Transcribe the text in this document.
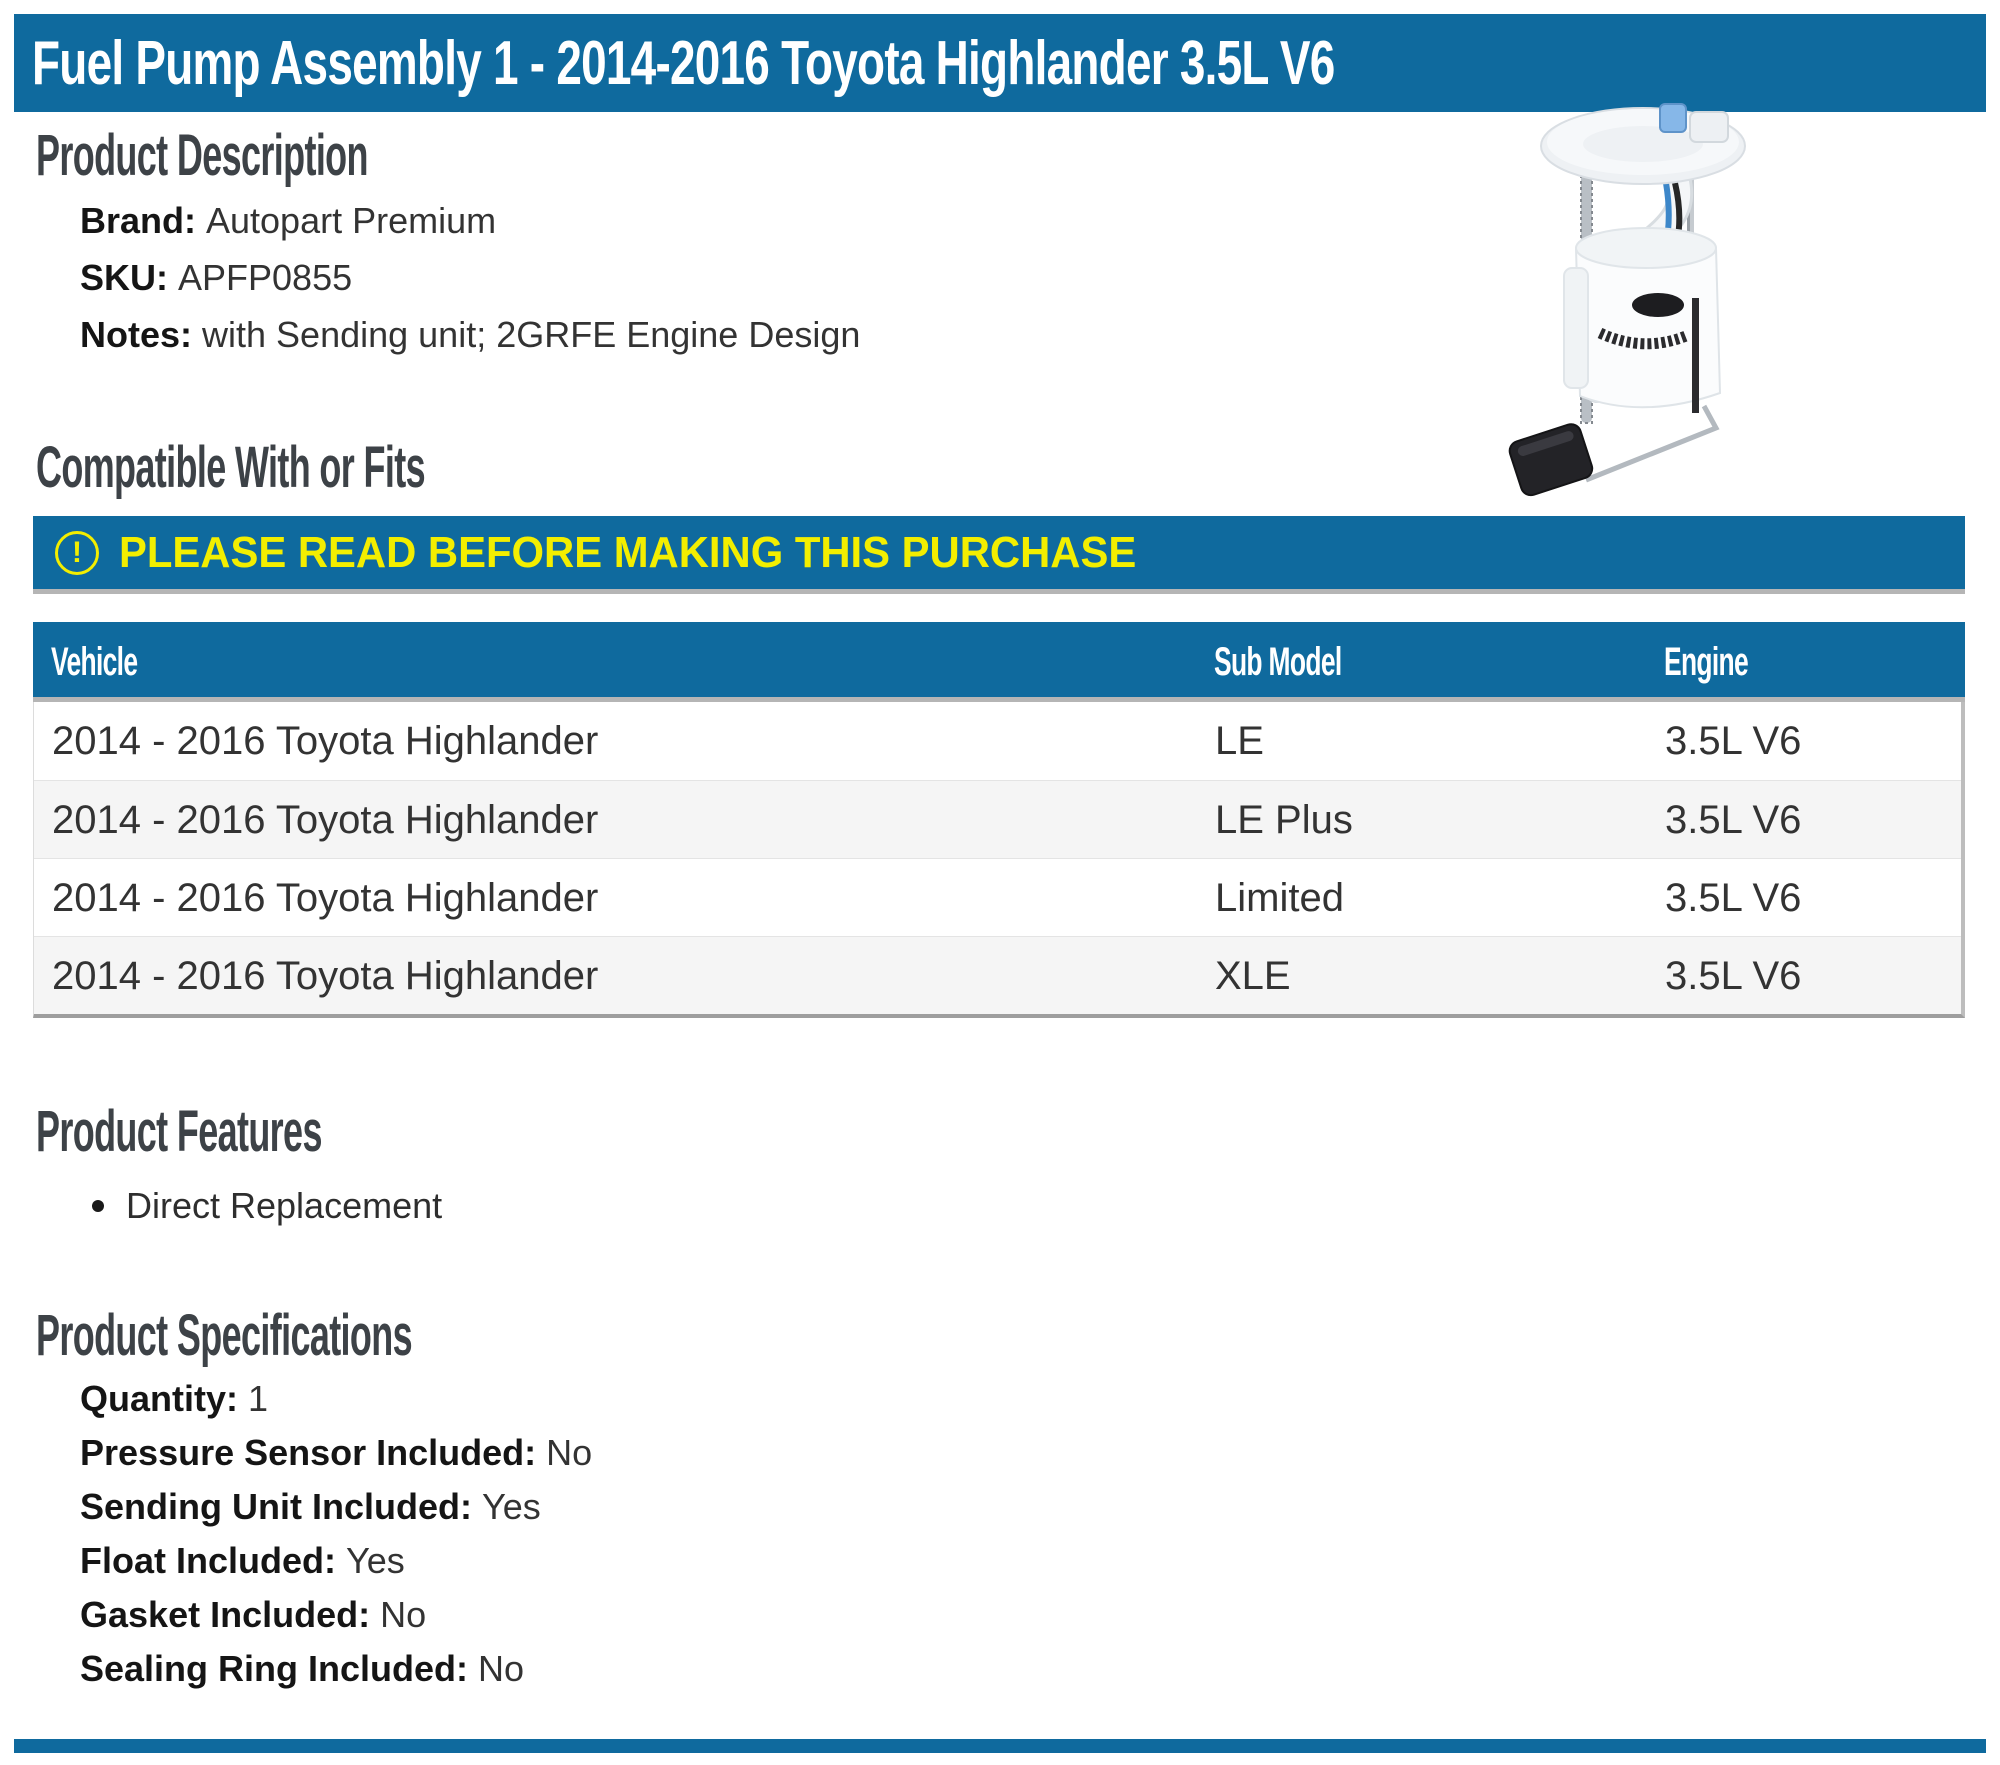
Fuel Pump Assembly 1 - 2014-2016 Toyota Highlander 3.5L V6
Product Description
Brand: Autopart Premium
SKU: APFP0855
Notes: with Sending unit; 2GRFE Engine Design
Compatible With or Fits
! PLEASE READ BEFORE MAKING THIS PURCHASE
Vehicle	Sub Model	Engine
2014 - 2016 Toyota Highlander	LE	3.5L V6
2014 - 2016 Toyota Highlander	LE Plus	3.5L V6
2014 - 2016 Toyota Highlander	Limited	3.5L V6
2014 - 2016 Toyota Highlander	XLE	3.5L V6
Product Features
Direct Replacement
Product Specifications
Quantity: 1
Pressure Sensor Included: No
Sending Unit Included: Yes
Float Included: Yes
Gasket Included: No
Sealing Ring Included: No
